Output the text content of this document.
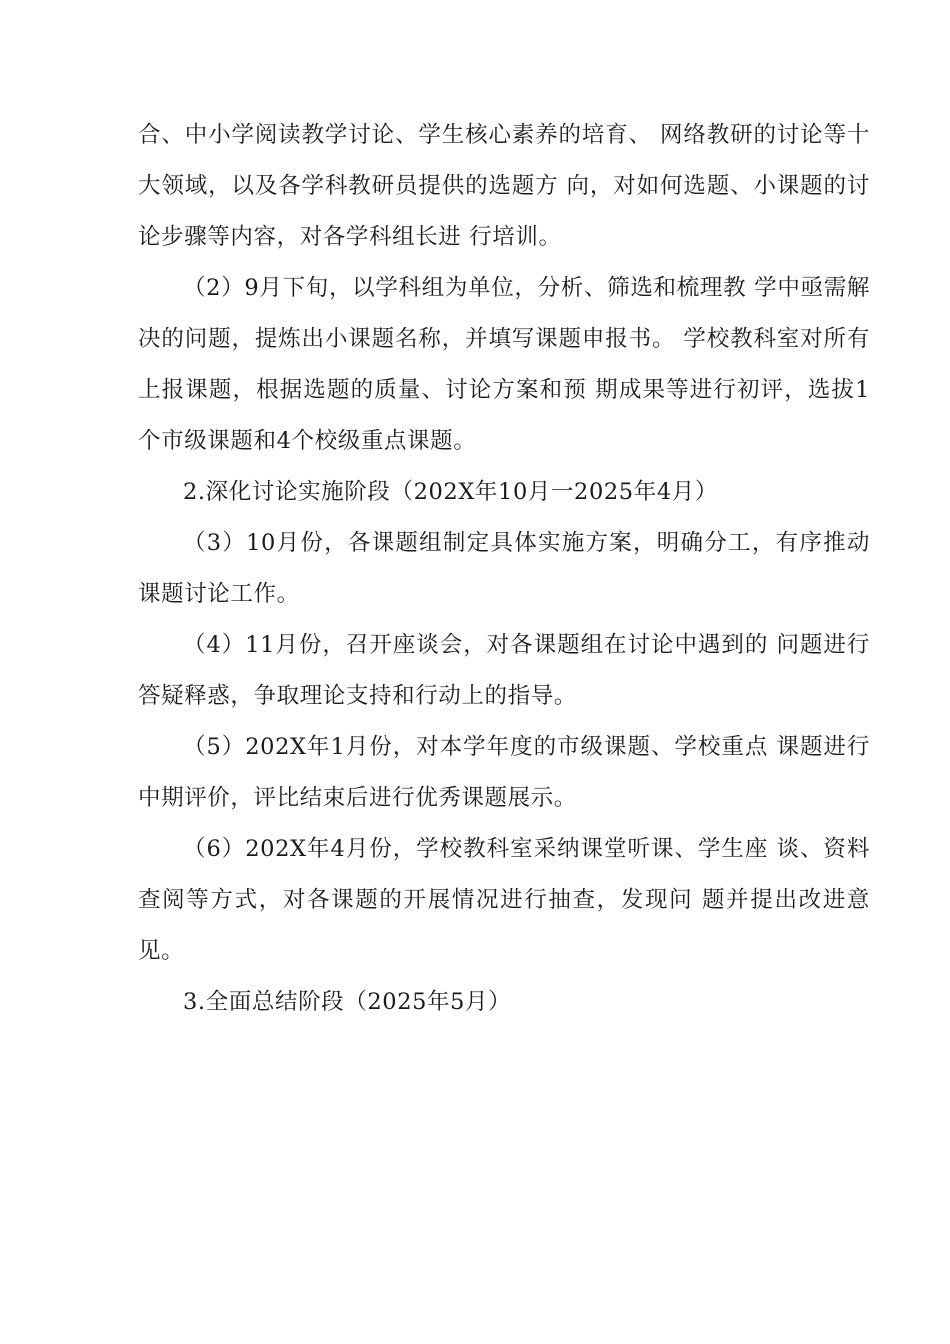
合、中小学阅读教学讨论、学生核心素养的培育、 网络教研的讨论等十大领域，以及各学科教研员提供的选题方 向，对如何选题、小课题的讨论步骤等内容，对各学科组长进 行培训。

（2）9月下旬，以学科组为单位，分析、筛选和梳理教 学中亟需解决的问题，提炼出小课题名称，并填写课题申报书。 学校教科室对所有上报课题，根据选题的质量、讨论方案和预 期成果等进行初评，选拔1个市级课题和4个校级重点课题。

2.深化讨论实施阶段（202X年10月一2025年4月）

（3）10月份，各课题组制定具体实施方案，明确分工，有序推动课题讨论工作。

（4）11月份，召开座谈会，对各课题组在讨论中遇到的 问题进行答疑释惑，争取理论支持和行动上的指导。

（5）202X年1月份，对本学年度的市级课题、学校重点 课题进行中期评价，评比结束后进行优秀课题展示。

（6）202X年4月份，学校教科室采纳课堂听课、学生座 谈、资料查阅等方式，对各课题的开展情况进行抽查，发现问 题并提出改进意见。

3.全面总结阶段（2025年5月）
